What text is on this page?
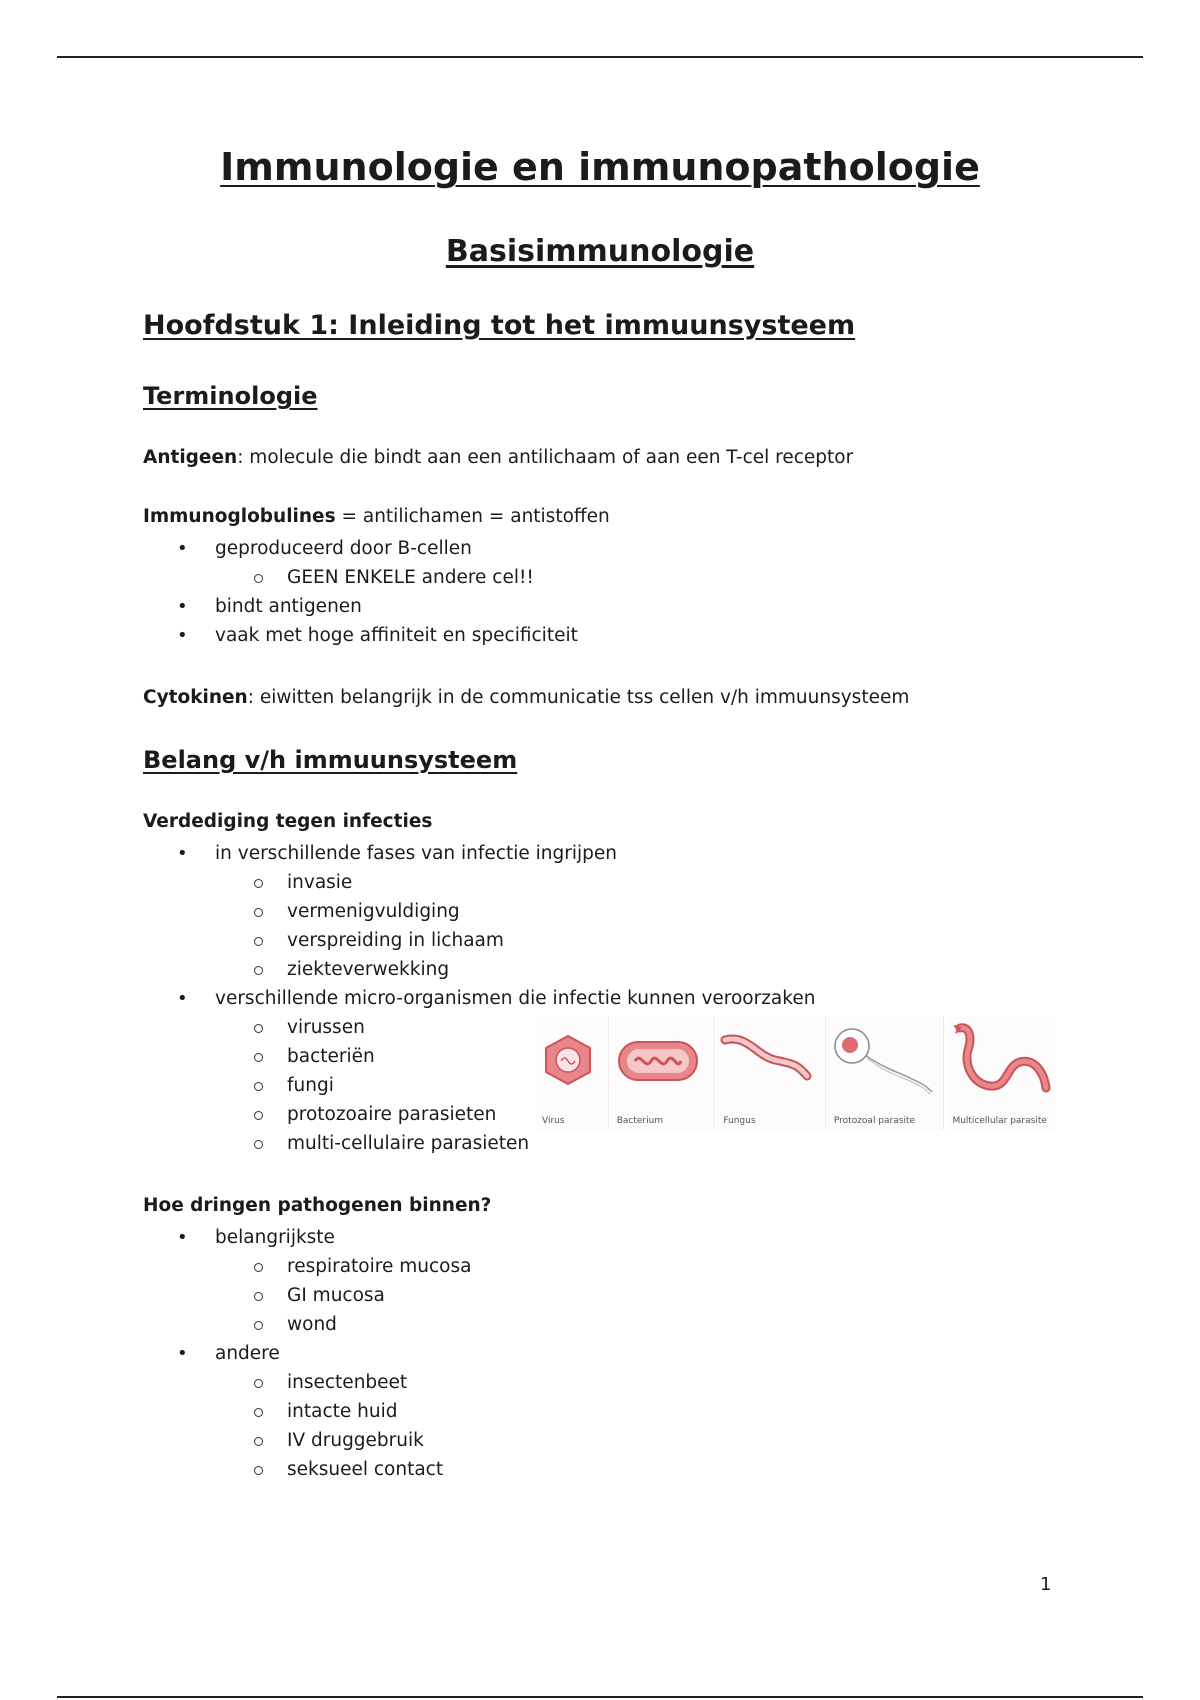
Immunologie en immunopathologie
Basisimmunologie
Hoofdstuk 1: Inleiding tot het immuunsysteem
Terminologie

Antigeen: molecule die bindt aan een antilichaam of aan een T-cel receptor

Immunoglobulines = antilichamen = antistoffen

• geproduceerd door B-cellen
GEEN ENKELE andere cel!!
• bindt antigenen
• vaak met hoge affiniteit en specificiteit

Cytokinen: eiwitten belangrijk in de communicatie tss cellen v/h immuunsysteem

Belang v/h immuunsysteem

Verdediging tegen infecties

• in verschillende fases van infectie ingrijpen
invasie
vermenigvuldiging
verspreiding in lichaam
ziekteverwekking
• verschillende micro-organismen die infectie kunnen veroorzaken
virussen
bacteriën
fungi
protozoaire parasieten
multi-cellulaire parasieten
Virus	Bacterium	Fungus	Protozoal parasite	Multicellular parasite

Hoe dringen pathogenen binnen?

• belangrijkste
respiratoire mucosa
GI mucosa
wond
• andere
insectenbeet
intacte huid
IV druggebruik
seksueel contact

1
